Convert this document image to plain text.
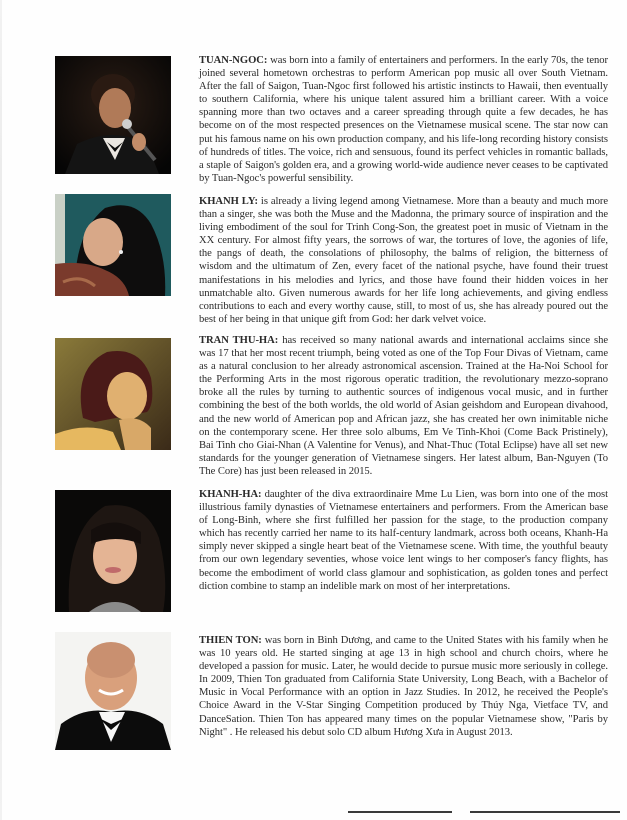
TUAN-NGOC: was born into a family of entertainers and performers. In the early 70s, the tenor joined several hometown orchestras to perform American pop music all over South Vietnam. After the fall of Saigon, Tuan-Ngoc first followed his artistic instincts to Hawaii, then eventually to southern California, where his unique talent assured him a brilliant career. With a voice spanning more than two octaves and a career spreading through quite a few decades, he has become on of the most respected presences on the Vietnamese musical scene. The star now can put his famous name on his own production company, and his life-long recording history consists of hundreds of titles. The voice, rich and sensuous, found its perfect vehicles in romantic ballads, a staple of Saigon's golden era, and a growing world-wide audience never ceases to be captivated by Tuan-Ngoc's powerful sensibility.

KHANH LY: is already a living legend among Vietnamese. More than a beauty and much more than a singer, she was both the Muse and the Madonna, the primary source of inspiration and the living embodiment of the soul for Trinh Cong-Son, the greatest poet in music of Vietnam in the XX century. For almost fifty years, the sorrows of war, the tortures of love, the agonies of life, the pangs of death, the consolations of philosophy, the balms of religion, the bitterness of wisdom and the ultimatum of Zen, every facet of the national psyche, have found their truest manifestations in his melodies and lyrics, and those have found their hidden voices in her unmatchable alto. Given numerous awards for her life long achievements, and giving endless contributions to each and every worthy cause, still, to most of us, she has already poured out the best of her being in that unique gift from God: her dark velvet voice.

TRAN THU-HA: has received so many national awards and international acclaims since she was 17 that her most recent triumph, being voted as one of the Top Four Divas of Vietnam, came as a natural conclusion to her already astronomical ascension. Trained at the Ha-Noi School for the Performing Arts in the most rigorous operatic tradition, the revolutionary mezzo-soprano broke all the rules by turning to authentic sources of indigenous vocal music, and in further combining the best of the both worlds, the old world of Asian geishdom and European divahood, and the new world of American pop and African jazz, she has created her own inimitable niche on the contemporary scene. Her three solo albums, Em Ve Tinh-Khoi (Come Back Pristinely), Bai Tinh cho Giai-Nhan (A Valentine for Venus), and Nhat-Thuc (Total Eclipse) have all set new standards for the younger generation of Vietnamese singers. Her latest album, Ban-Nguyen (To The Core) has just been released in 2015.

KHANH-HA: daughter of the diva extraordinaire Mme Lu Lien, was born into one of the most illustrious family dynasties of Vietnamese entertainers and performers. From the American base of Long-Binh, where she first fulfilled her passion for the stage, to the production company which has recently carried her name to its half-century landmark, across both oceans, Khanh-Ha simply never skipped a single heart beat of the Vietnamese scene. With time, the youthful beauty from our own legendary seventies, whose voice lent wings to her composer's fancy flights, has become the embodiment of world class glamour and sophistication, as golden tones and perfect diction combine to stamp an indelible mark on most of her interpretations.

THIEN TON: was born in Bình Dương, and came to the United States with his family when he was 10 years old. He started singing at age 13 in high school and church choirs, where he developed a passion for music. Later, he would decide to pursue music more seriously in college. In 2009, Thien Ton graduated from California State University, Long Beach, with a Bachelor of Music in Vocal Performance with an option in Jazz Studies. In 2012, he received the People's Choice Award in the V-Star Singing Competition produced by Thúy Nga, Vietface TV, and DanceSation. Thien Ton has appeared many times on the popular Vietnamese show, "Paris by Night" . He released his debut solo CD album Hương Xưa in August 2013.
